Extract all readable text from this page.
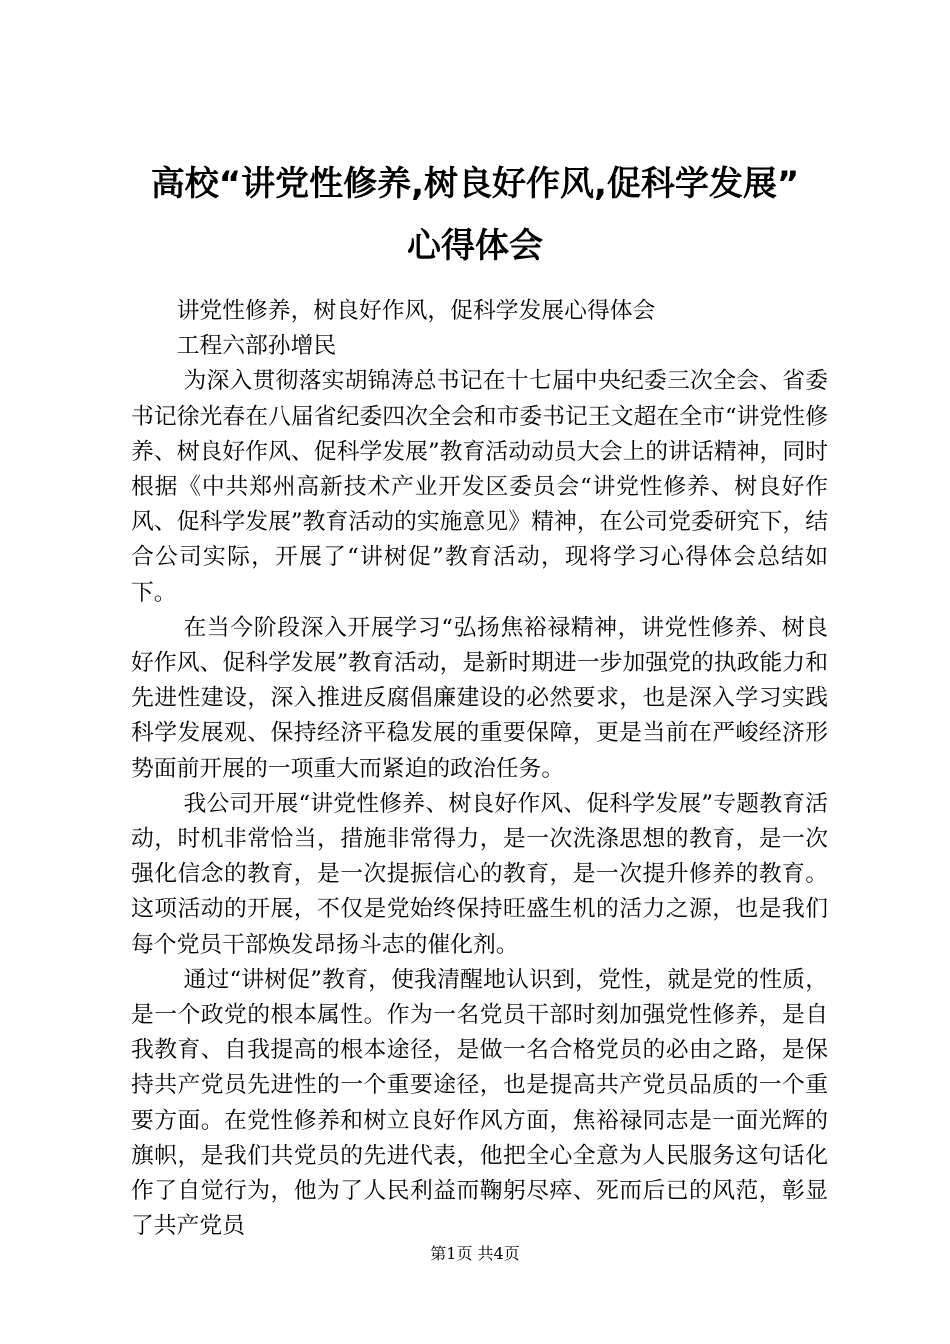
高校“讲党性修养,树良好作风,促科学发展”
心得体会

讲党性修养，树良好作风，促科学发展心得体会

工程六部孙增民

为深入贯彻落实胡锦涛总书记在十七届中央纪委三次全会、省委书记徐光春在八届省纪委四次全会和市委书记王文超在全市“讲党性修养、树良好作风、促科学发展”教育活动动员大会上的讲话精神，同时根据《中共郑州高新技术产业开发区委员会“讲党性修养、树良好作风、促科学发展”教育活动的实施意见》精神，在公司党委研究下，结合公司实际，开展了“讲树促”教育活动，现将学习心得体会总结如下。

在当今阶段深入开展学习“弘扬焦裕禄精神，讲党性修养、树良好作风、促科学发展”教育活动，是新时期进一步加强党的执政能力和先进性建设，深入推进反腐倡廉建设的必然要求，也是深入学习实践科学发展观、保持经济平稳发展的重要保障，更是当前在严峻经济形势面前开展的一项重大而紧迫的政治任务。

我公司开展“讲党性修养、树良好作风、促科学发展”专题教育活动，时机非常恰当，措施非常得力，是一次洗涤思想的教育，是一次强化信念的教育，是一次提振信心的教育，是一次提升修养的教育。这项活动的开展，不仅是党始终保持旺盛生机的活力之源，也是我们每个党员干部焕发昂扬斗志的催化剂。

通过“讲树促”教育，使我清醒地认识到，党性，就是党的性质，是一个政党的根本属性。作为一名党员干部时刻加强党性修养，是自我教育、自我提高的根本途径，是做一名合格党员的必由之路，是保持共产党员先进性的一个重要途径，也是提高共产党员品质的一个重要方面。在党性修养和树立良好作风方面，焦裕禄同志是一面光辉的旗帜，是我们共党员的先进代表，他把全心全意为人民服务这句话化作了自觉行为，他为了人民利益而鞠躬尽瘁、死而后已的风范，彰显了共产党员

第1页 共4页
